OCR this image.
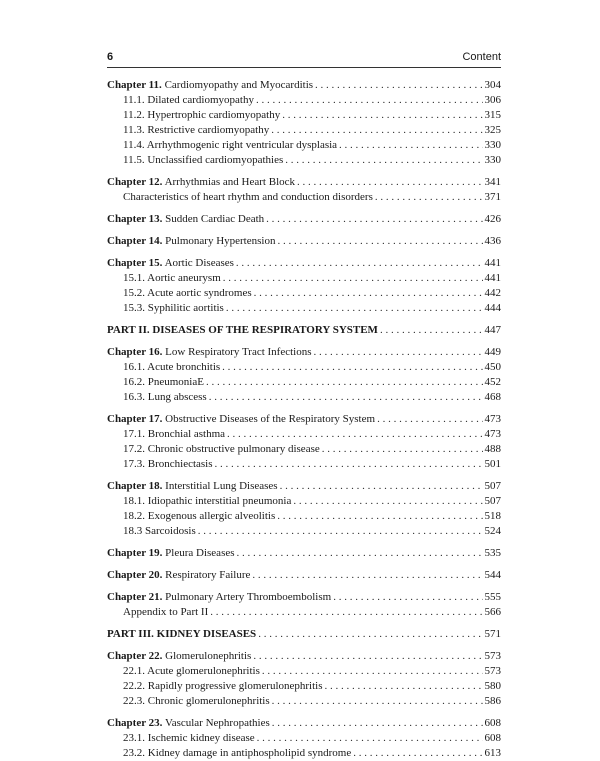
6	Content
Chapter 11. Cardiomyopathy and Myocarditis . . .	304
11.1. Dilated cardiomyopathy . . .	306
11.2. Hypertrophic cardiomyopathy . . .	315
11.3. Restrictive cardiomyopathy . . .	325
11.4. Arrhythmogenic right ventricular dysplasia . . .	330
11.5. Unclassified cardiomyopathies . . .	330
Chapter 12. Arrhythmias and Heart Block . . .	341
Characteristics of heart rhythm and conduction disorders . . .	371
Chapter 13. Sudden Cardiac Death . . .	426
Chapter 14. Pulmonary Hypertension . . .	436
Chapter 15. Aortic Diseases . . .	441
15.1. Aortic aneurysm . . .	441
15.2. Acute aortic syndromes . . .	442
15.3. Syphilitic aortitis . . .	444
PART II. DISEASES OF THE RESPIRATORY SYSTEM . . .	447
Chapter 16. Low Respiratory Tract Infections . . .	449
16.1. Acute bronchitis . . .	450
16.2. PneumoniaE . . .	452
16.3. Lung abscess . . .	468
Chapter 17. Obstructive Diseases of the Respiratory System . . .	473
17.1. Bronchial asthma . . .	473
17.2. Chronic obstructive pulmonary disease . . .	488
17.3. Bronchiectasis . . .	501
Chapter 18. Interstitial Lung Diseases . . .	507
18.1. Idiopathic interstitial pneumonia . . .	507
18.2. Exogenous allergic alveolitis . . .	518
18.3 Sarcoidosis . . .	524
Chapter 19. Pleura Diseases . . .	535
Chapter 20. Respiratory Failure . . .	544
Chapter 21. Pulmonary Artery Thromboembolism . . .	555
Appendix to Part II . . .	566
PART III. KIDNEY DISEASES . . .	571
Chapter 22. Glomerulonephritis . . .	573
22.1. Acute glomerulonephritis . . .	573
22.2. Rapidly progressive glomerulonephritis . . .	580
22.3. Chronic glomerulonephritis . . .	586
Chapter 23. Vascular Nephropathies . . .	608
23.1. Ischemic kidney disease . . .	608
23.2. Kidney damage in antiphospholipid syndrome . . .	613
